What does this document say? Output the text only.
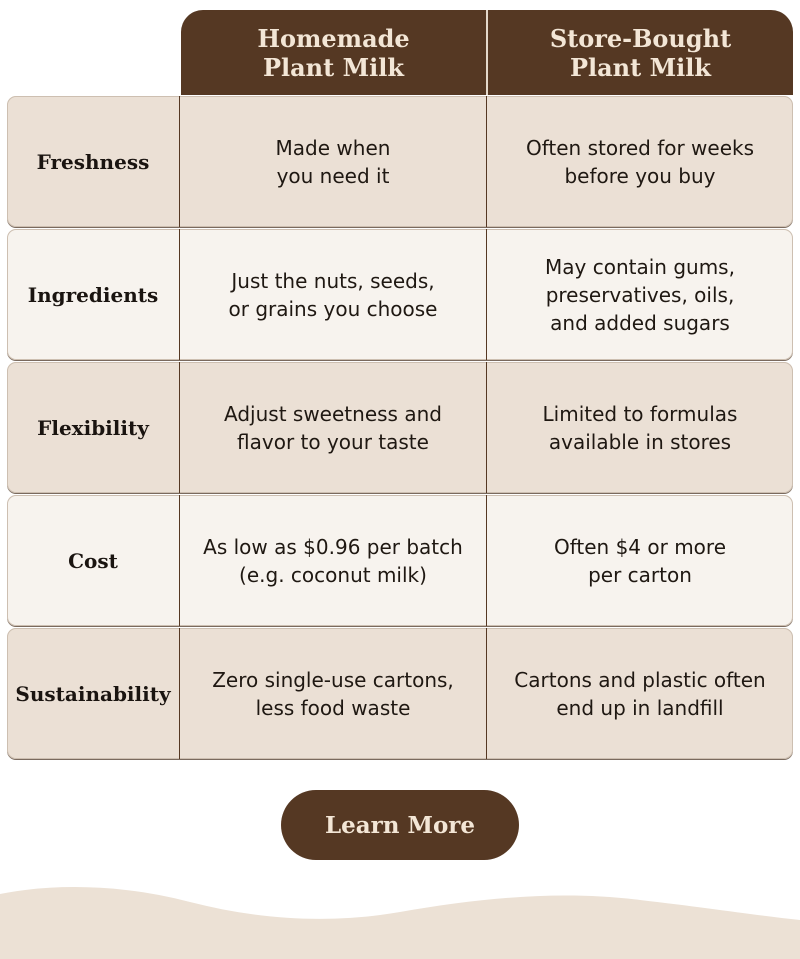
Homemade
Plant Milk
Store-Bought
Plant Milk
Freshness
Made when
you need it
Often stored for weeks
before you buy
Ingredients
Just the nuts, seeds,
or grains you choose
May contain gums,
preservatives, oils,
and added sugars
Flexibility
Adjust sweetness and
flavor to your taste
Limited to formulas
available in stores
Cost
As low as $0.96 per batch
(e.g. coconut milk)
Often $4 or more
per carton
Sustainability
Zero single-use cartons,
less food waste
Cartons and plastic often
end up in landfill
Learn More
